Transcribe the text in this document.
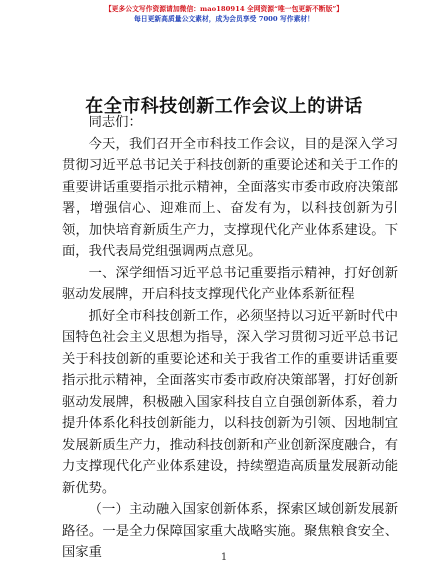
【更多公文写作资源请加微信：mao180914 全网资源“唯一包更新不断版”】
每日更新高质量公文素材，成为会员享受 7000 写作素材！
在全市科技创新工作会议上的讲话

同志们：

今天，我们召开全市科技工作会议，目的是深入学习贯彻习近平总书记关于科技创新的重要论述和关于工作的重要讲话重要指示批示精神，全面落实市委市政府决策部署，增强信心、迎难而上、奋发有为，以科技创新为引领，加快培育新质生产力，支撑现代化产业体系建设。下面，我代表局党组强调两点意见。

一、深学细悟习近平总书记重要指示精神，打好创新驱动发展牌，开启科技支撑现代化产业体系新征程

抓好全市科技创新工作，必须坚持以习近平新时代中国特色社会主义思想为指导，深入学习贯彻习近平总书记关于科技创新的重要论述和关于我省工作的重要讲话重要指示批示精神，全面落实市委市政府决策部署，打好创新驱动发展牌，积极融入国家科技自立自强创新体系，着力提升体系化科技创新能力，以科技创新为引领、因地制宜发展新质生产力，推动科技创新和产业创新深度融合，有力支撑现代化产业体系建设，持续塑造高质量发展新动能新优势。

（一）主动融入国家创新体系，探索区域创新发展新路径。一是全力保障国家重大战略实施。聚焦粮食安全、国家重	1
